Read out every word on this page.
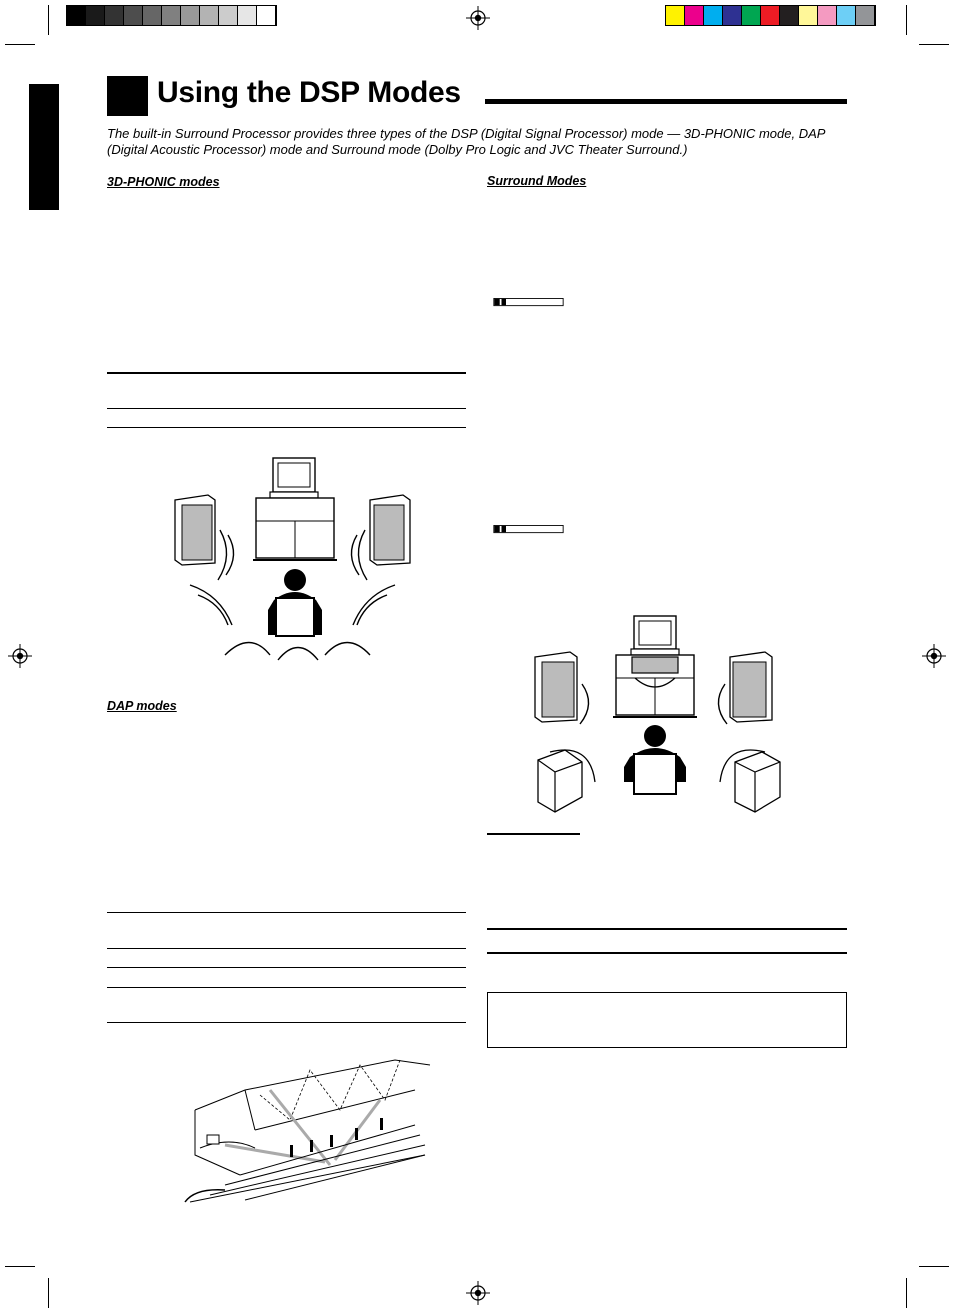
Using the DSP Modes
The built-in Surround Processor provides three types of the DSP (Digital Signal Processor) mode — 3D-PHONIC mode, DAP (Digital Acoustic Processor) mode and Surround mode (Dolby Pro Logic and JVC Theater Surround.)
3D-PHONIC modes
DAP modes
Surround Modes
